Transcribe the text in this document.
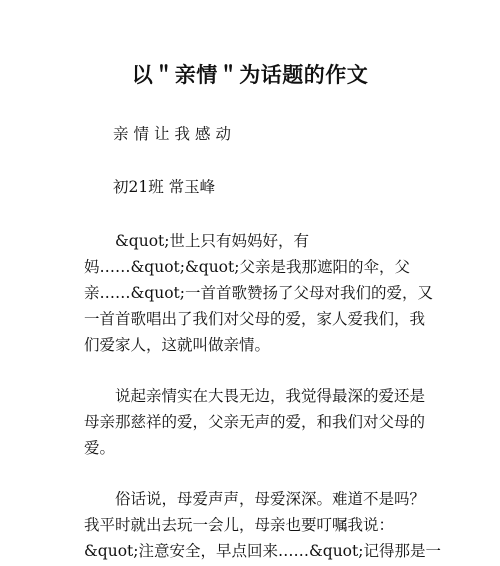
以＂亲情＂为话题的作文

亲情让我感动

初21班 常玉峰

　　&quot;世上只有妈妈好，有
妈……&quot;&quot;父亲是我那遮阳的伞，父
亲……&quot;一首首歌赞扬了父母对我们的爱，又
一首首歌唱出了我们对父母的爱，家人爱我们，我
们爱家人，这就叫做亲情。
　　说起亲情实在大畏无边，我觉得最深的爱还是
母亲那慈祥的爱，父亲无声的爱，和我们对父母的
爱。
　　俗话说，母爱声声，母爱深深。难道不是吗？
我平时就出去玩一会儿，母亲也要叮嘱我说：
&quot;注意安全，早点回来……&quot;记得那是一
